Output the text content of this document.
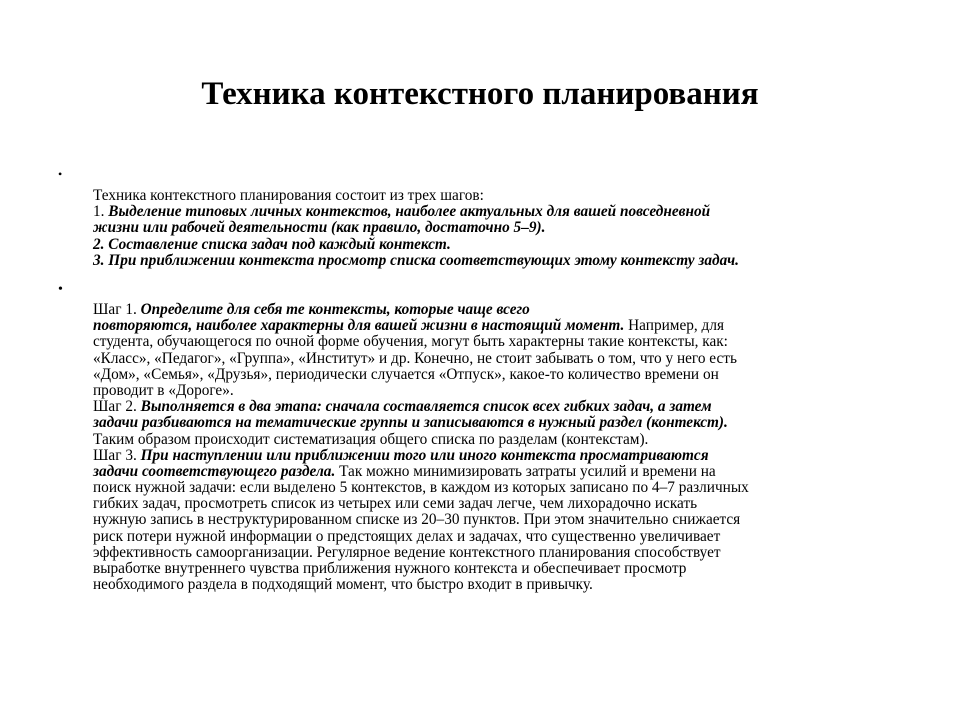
Техника контекстного планирования
•
•
Техника контекстного планирования состоит из трех шагов:
1. Выделение типовых личных контекстов, наиболее актуальных для вашей повседневной
жизни или рабочей деятельности (как правило, достаточно 5–9).
2. Составление списка задач под каждый контекст.
3. При приближении контекста просмотр списка соответствующих этому контексту задач.
Шаг 1. Определите для себя те контексты, которые чаще всего
повторяются, наиболее характерны для вашей жизни в настоящий момент. Например, для
студента, обучающегося по очной форме обучения, могут быть характерны такие контексты, как:
«Класс», «Педагог», «Группа», «Институт» и др. Конечно, не стоит забывать о том, что у него есть
«Дом», «Семья», «Друзья», периодически случается «Отпуск», какое-то количество времени он
проводит в «Дороге».
Шаг 2. Выполняется в два этапа: сначала составляется список всех гибких задач, а затем
задачи разбиваются на тематические группы и записываются в нужный раздел (контекст).
Таким образом происходит систематизация общего списка по разделам (контекстам).
Шаг 3. При наступлении или приближении того или иного контекста просматриваются
задачи соответствующего раздела. Так можно минимизировать затраты усилий и времени на
поиск нужной задачи: если выделено 5 контекстов, в каждом из которых записано по 4–7 различных
гибких задач, просмотреть список из четырех или семи задач легче, чем лихорадочно искать
нужную запись в неструктурированном списке из 20–30 пунктов. При этом значительно снижается
риск потери нужной информации о предстоящих делах и задачах, что существенно увеличивает
эффективность самоорганизации. Регулярное ведение контекстного планирования способствует
выработке внутреннего чувства приближения нужного контекста и обеспечивает просмотр
необходимого раздела в подходящий момент, что быстро входит в привычку.
